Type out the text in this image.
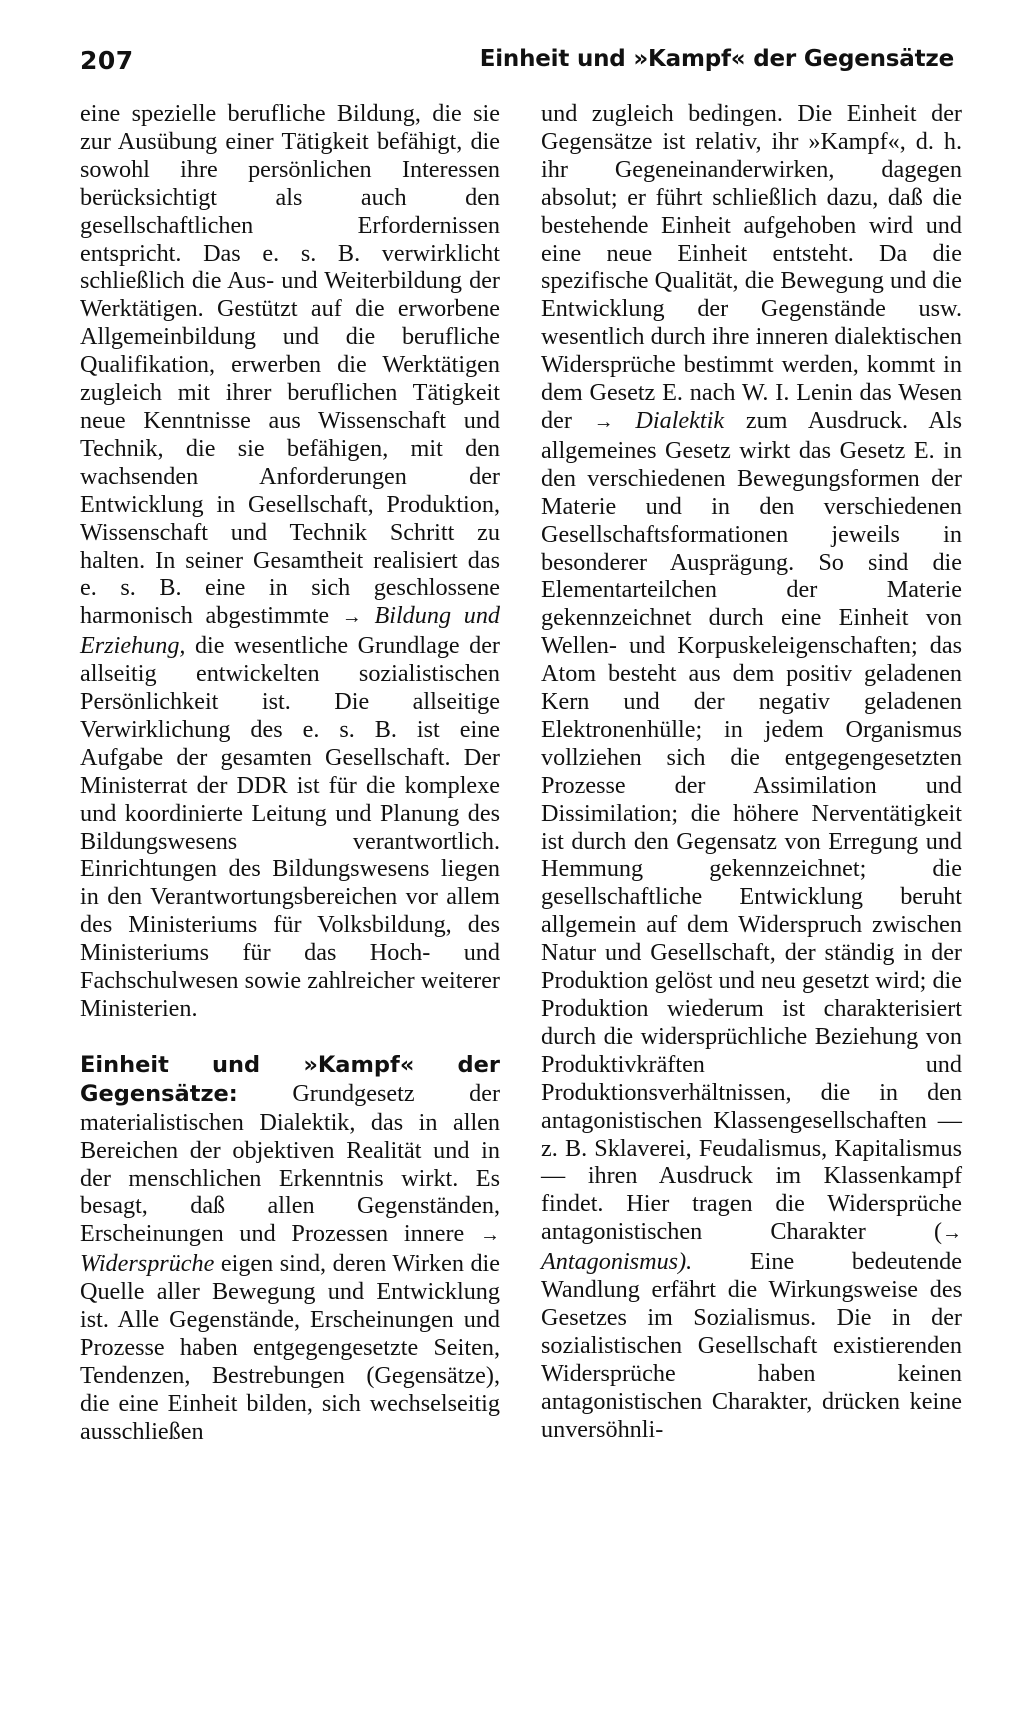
207	Einheit und »Kampf« der Gegensätze

eine spezielle berufliche Bildung, die sie zur Ausübung einer Tätigkeit befähigt, die sowohl ihre persönlichen Interessen berücksichtigt als auch den gesellschaftlichen Erfordernissen entspricht. Das e. s. B. verwirklicht schließlich die Aus- und Weiterbildung der Werktätigen. Gestützt auf die erworbene Allgemeinbildung und die berufliche Qualifikation, erwerben die Werktätigen zugleich mit ihrer beruflichen Tätigkeit neue Kenntnisse aus Wissenschaft und Technik, die sie befähigen, mit den wachsenden Anforderungen der Entwicklung in Gesellschaft, Produktion, Wissenschaft und Technik Schritt zu halten. In seiner Gesamtheit realisiert das e. s. B. eine in sich geschlossene harmonisch abgestimmte → Bildung und Erziehung, die wesentliche Grundlage der allseitig entwickelten sozialistischen Persönlichkeit ist. Die allseitige Verwirklichung des e. s. B. ist eine Aufgabe der gesamten Gesellschaft. Der Ministerrat der DDR ist für die komplexe und koordinierte Leitung und Planung des Bildungswesens verantwortlich. Einrichtungen des Bildungswesens liegen in den Verantwortungsbereichen vor allem des Ministeriums für Volksbildung, des Ministeriums für das Hoch- und Fachschulwesen sowie zahlreicher weiterer Ministerien.

Einheit und »Kampf« der Gegensätze: Grundgesetz der materialistischen Dialektik, das in allen Bereichen der objektiven Realität und in der menschlichen Erkenntnis wirkt. Es besagt, daß allen Gegenständen, Erscheinungen und Prozessen innere → Widersprüche eigen sind, deren Wirken die Quelle aller Bewegung und Entwicklung ist. Alle Gegenstände, Erscheinungen und Prozesse haben entgegengesetzte Seiten, Tendenzen, Bestrebungen (Gegensätze), die eine Einheit bilden, sich wechselseitig ausschließen

und zugleich bedingen. Die Einheit der Gegensätze ist relativ, ihr »Kampf«, d. h. ihr Gegeneinanderwirken, dagegen absolut; er führt schließlich dazu, daß die bestehende Einheit aufgehoben wird und eine neue Einheit entsteht. Da die spezifische Qualität, die Bewegung und die Entwicklung der Gegenstände usw. wesentlich durch ihre inneren dialektischen Widersprüche bestimmt werden, kommt in dem Gesetz E. nach W. I. Lenin das Wesen der → Dialektik zum Ausdruck. Als allgemeines Gesetz wirkt das Gesetz E. in den verschiedenen Bewegungsformen der Materie und in den verschiedenen Gesellschaftsformationen jeweils in besonderer Ausprägung. So sind die Elementarteilchen der Materie gekennzeichnet durch eine Einheit von Wellen- und Korpuskeleigenschaften; das Atom besteht aus dem positiv geladenen Kern und der negativ geladenen Elektronenhülle; in jedem Organismus vollziehen sich die entgegengesetzten Prozesse der Assimilation und Dissimilation; die höhere Nerventätigkeit ist durch den Gegensatz von Erregung und Hemmung gekennzeichnet; die gesellschaftliche Entwicklung beruht allgemein auf dem Widerspruch zwischen Natur und Gesellschaft, der ständig in der Produktion gelöst und neu gesetzt wird; die Produktion wiederum ist charakterisiert durch die widersprüchliche Beziehung von Produktivkräften und Produktionsverhältnissen, die in den antagonistischen Klassengesellschaften — z. B. Sklaverei, Feudalismus, Kapitalismus — ihren Ausdruck im Klassenkampf findet. Hier tragen die Widersprüche antagonistischen Charakter (→ Antagonismus). Eine bedeutende Wandlung erfährt die Wirkungsweise des Gesetzes im Sozialismus. Die in der sozialistischen Gesellschaft existierenden Widersprüche haben keinen antagonistischen Charakter, drücken keine unversöhnli-
